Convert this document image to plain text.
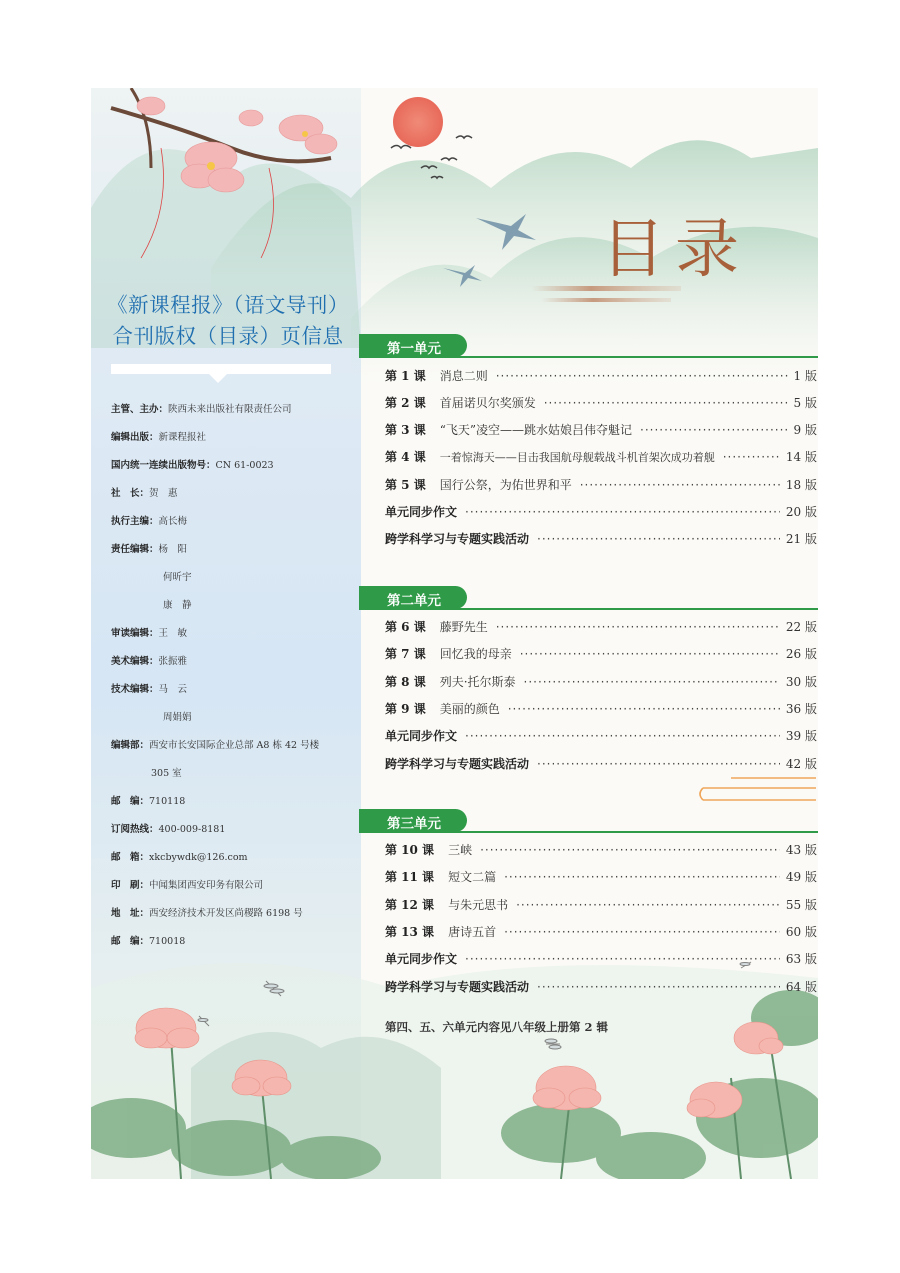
《新课程报》（语文导刊）
合刊版权（目录）页信息
主管、主办：陕西未来出版社有限责任公司
编辑出版：新课程报社
国内统一连续出版物号：CN 61-0023
社　长：贺　惠
执行主编：高长梅
责任编辑：杨　阳
何昕宇
康　静
审读编辑：王　敏
美术编辑：张振雅
技术编辑：马　云
周娟娟
编辑部：西安市长安国际企业总部 A8 栋 42 号楼
305 室
邮　编：710118
订阅热线：400-009-8181
邮　箱：xkcbywdk@126.com
印　刷：中闻集团西安印务有限公司
地　址：西安经济技术开发区尚稷路 6198 号
邮　编：710018
目录
第一单元
第 1 课 消息二则 ·····	1 版
第 2 课 首届诺贝尔奖颁发 ·····	5 版
第 3 课 “飞天”凌空——跳水姑娘吕伟夺魁记 ·····	9 版
第 4 课 一着惊海天——目击我国航母舰载战斗机首架次成功着舰 ·····	14 版
第 5 课 国行公祭，为佑世界和平 ·····	18 版
单元同步作文 ·····	20 版
跨学科学习与专题实践活动 ·····	21 版
第二单元
第 6 课 藤野先生 ·····	22 版
第 7 课 回忆我的母亲 ·····	26 版
第 8 课 列夫·托尔斯泰 ·····	30 版
第 9 课 美丽的颜色 ·····	36 版
单元同步作文 ·····	39 版
跨学科学习与专题实践活动 ·····	42 版
第三单元
第 10 课 三峡 ·····	43 版
第 11 课 短文二篇 ·····	49 版
第 12 课 与朱元思书 ·····	55 版
第 13 课 唐诗五首 ·····	60 版
单元同步作文 ·····	63 版
跨学科学习与专题实践活动 ·····	64 版
第四、五、六单元内容见八年级上册第 2 辑
